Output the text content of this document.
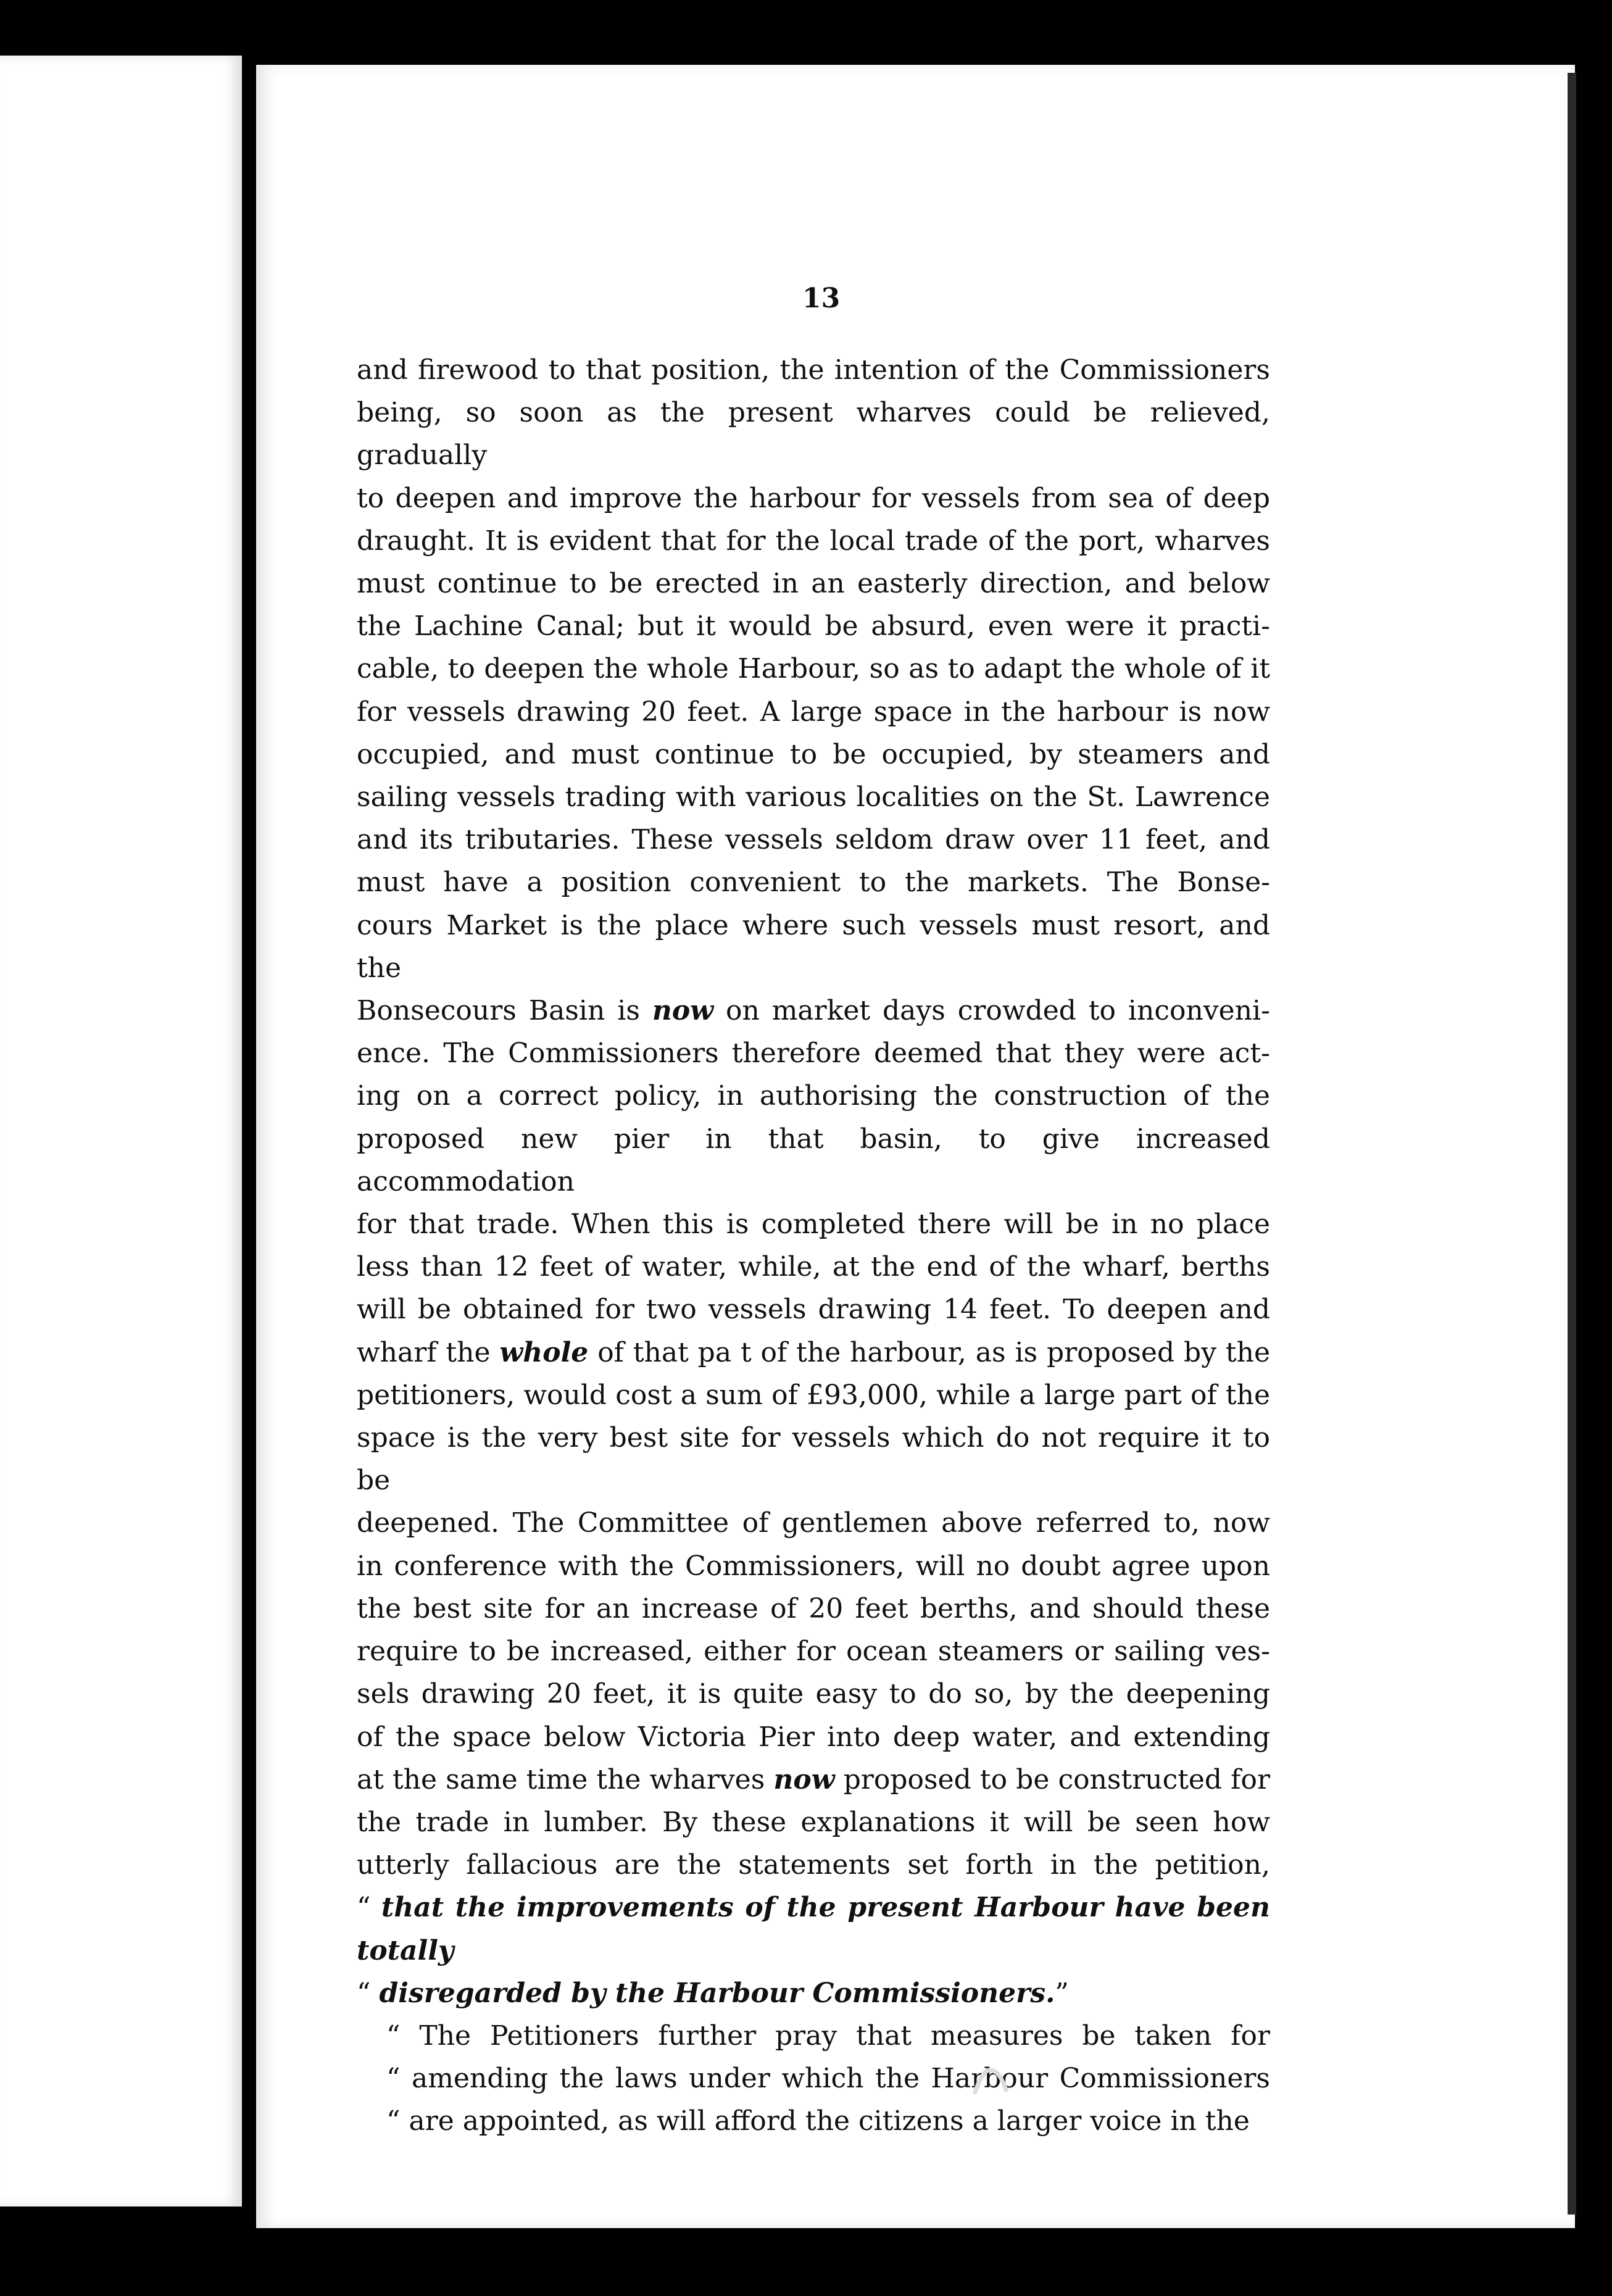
13

and firewood to that position, the intention of the Commissioners
being, so soon as the present wharves could be relieved, gradually
to deepen and improve the harbour for vessels from sea of deep
draught. It is evident that for the local trade of the port, wharves
must continue to be erected in an easterly direction, and below
the Lachine Canal; but it would be absurd, even were it practi-
cable, to deepen the whole Harbour, so as to adapt the whole of it
for vessels drawing 20 feet. A large space in the harbour is now
occupied, and must continue to be occupied, by steamers and
sailing vessels trading with various localities on the St. Lawrence
and its tributaries. These vessels seldom draw over 11 feet, and
must have a position convenient to the markets. The Bonse-
cours Market is the place where such vessels must resort, and the
Bonsecours Basin is now on market days crowded to inconveni-
ence. The Commissioners therefore deemed that they were act-
ing on a correct policy, in authorising the construction of the
proposed new pier in that basin, to give increased accommodation
for that trade. When this is completed there will be in no place
less than 12 feet of water, while, at the end of the wharf, berths
will be obtained for two vessels drawing 14 feet. To deepen and
wharf the whole of that pa t of the harbour, as is proposed by the
petitioners, would cost a sum of £93,000, while a large part of the
space is the very best site for vessels which do not require it to be
deepened. The Committee of gentlemen above referred to, now
in conference with the Commissioners, will no doubt agree upon
the best site for an increase of 20 feet berths, and should these
require to be increased, either for ocean steamers or sailing ves-
sels drawing 20 feet, it is quite easy to do so, by the deepening
of the space below Victoria Pier into deep water, and extending
at the same time the wharves now proposed to be constructed for
the trade in lumber. By these explanations it will be seen how
utterly fallacious are the statements set forth in the petition,
“ that the improvements of the present Harbour have been totally
“ disregarded by the Harbour Commissioners.”

“ The Petitioners further pray that measures be taken for
“ amending the laws under which the Harbour Commissioners
“ are appointed, as will afford the citizens a larger voice in the
